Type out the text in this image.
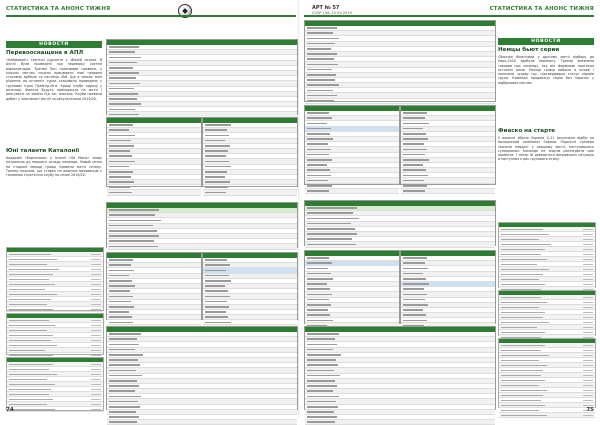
СТАТИСТИКА ТА АНОНС ТИЖНЯ
НОВОСТИ
Перевооснащена в АПЛ
«Наймовані» технічні курсанти у збірній сезона. В Англії були проведені гри перевірку систем відеоповторів. Тренер Пеп пояснював правила, у кількох матчах почали працювати нові правила стосовно арбітра та системи VAR. Ще в межах змін рішення на останніх турах скасовано проведено у групових іграх Прем'єр-ліги. Кращі клуби одразу у розкладі. Фанати будуть приїжджати на матчі і реагувати на заміни під час змагань. Клуби провели дебют у чемпіонаті Англії за результатами 2019/20.
Юні таланти Каталонії
Академія «Барселони» у Іспанії «Ла Масія» знову потрапила до першого складу команди. Новий сезон на стадіоні молоді гравці провели матчі сезону. Тренер пояснив, що ставка на власних вихованців є головною стратегією клубу на сезон 2019/20.
74
СТАТИСТИКА ТА АНОНС ТИЖНЯ
НОВОСТИ
Немцы бьют серии
Сборная Німеччини у другому матчі відбору до Євро-2020 здобула перемогу. Тренер впевнено говорив про команду, яку він формував протягом останніх років. Молоді гравці вийшли в основі і показали чудову гру, підтвердивши статус лідерів групи. Команда продовжує серію без поразок у відбіркових матчах.
Фиаско на старте
У вересні збірна України U-21 розпочала відбір на молодіжний чемпіонат Європи. Підопічні тренера зазнали невдачі у першому матчі, поступившись суперникам. Команда не змогла реалізувати свої моменти, і тепер їй доведеться виправляти ситуацію в наступних іграх групового етапу.
75
АРТ № 57
ССЕР | 08–15.09.2019
